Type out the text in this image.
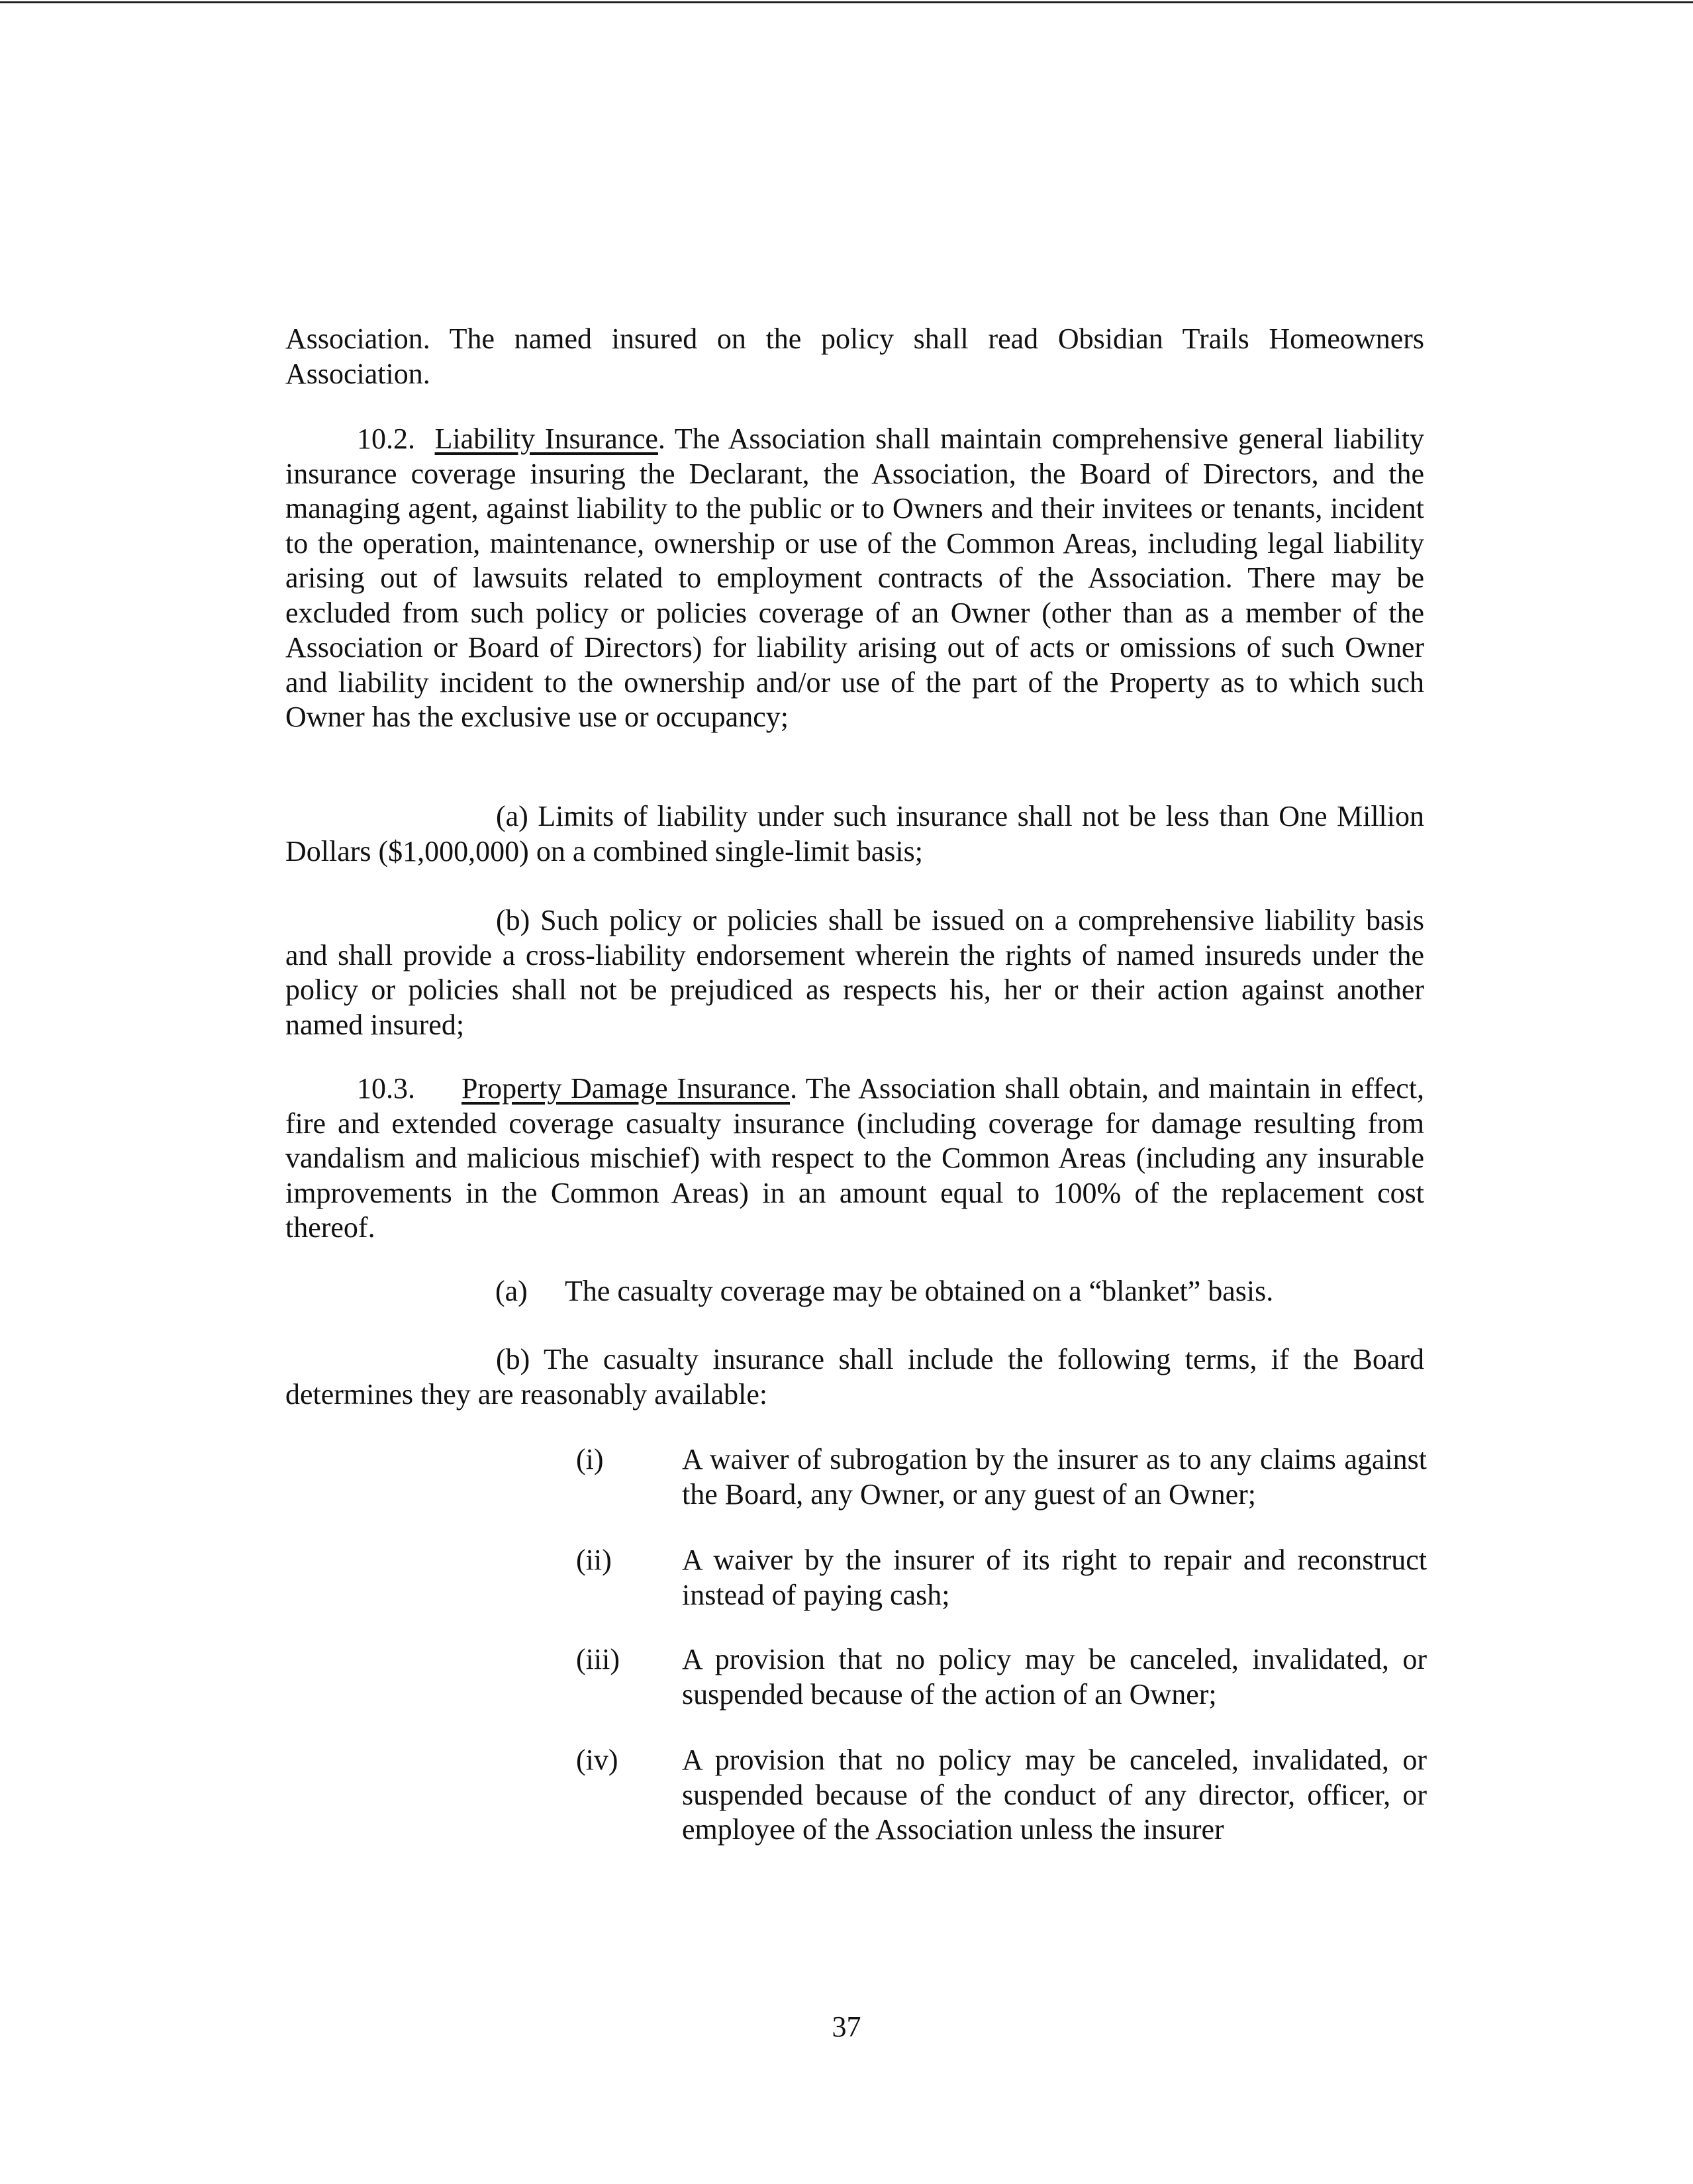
Association. The named insured on the policy shall read Obsidian Trails Homeowners Association.

10.2. Liability Insurance. The Association shall maintain comprehensive general liability insurance coverage insuring the Declarant, the Association, the Board of Directors, and the managing agent, against liability to the public or to Owners and their invitees or tenants, incident to the operation, maintenance, ownership or use of the Common Areas, including legal liability arising out of lawsuits related to employment contracts of the Association. There may be excluded from such policy or policies coverage of an Owner (other than as a member of the Association or Board of Directors) for liability arising out of acts or omissions of such Owner and liability incident to the ownership and/or use of the part of the Property as to which such Owner has the exclusive use or occupancy;

(a) Limits of liability under such insurance shall not be less than One Million Dollars ($1,000,000) on a combined single-limit basis;

(b) Such policy or policies shall be issued on a comprehensive liability basis and shall provide a cross-liability endorsement wherein the rights of named insureds under the policy or policies shall not be prejudiced as respects his, her or their action against another named insured;

10.3. Property Damage Insurance. The Association shall obtain, and maintain in effect, fire and extended coverage casualty insurance (including coverage for damage resulting from vandalism and malicious mischief) with respect to the Common Areas (including any insurable improvements in the Common Areas) in an amount equal to 100% of the replacement cost thereof.

(a) The casualty coverage may be obtained on a “blanket” basis.

(b) The casualty insurance shall include the following terms, if the Board determines they are reasonably available:

(i)	A waiver of subrogation by the insurer as to any claims against the Board, any Owner, or any guest of an Owner;

(ii) A waiver by the insurer of its right to repair and reconstruct instead of paying cash;

(iii) A provision that no policy may be canceled, invalidated, or suspended because of the action of an Owner;

(iv) A provision that no policy may be canceled, invalidated, or suspended because of the conduct of any director, officer, or employee of the Association unless the insurer

37
